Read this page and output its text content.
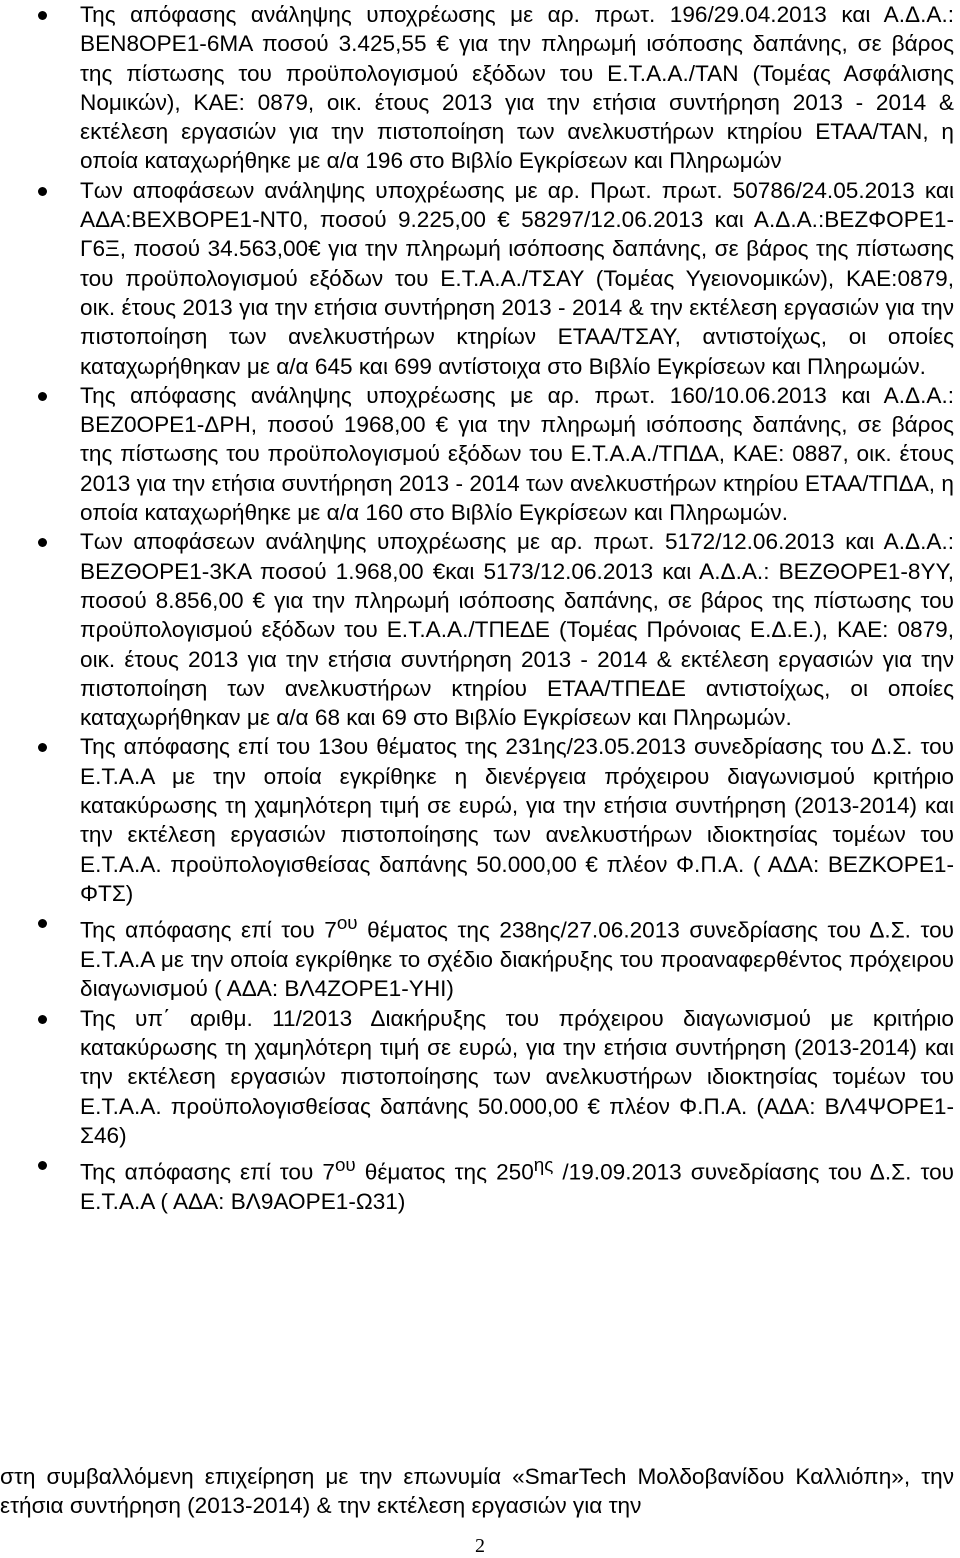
Της απόφασης ανάληψης υποχρέωσης με αρ. πρωτ. 196/29.04.2013 και Α.Δ.Α.: ΒΕΝ8ΟΡΕ1-6ΜΑ ποσού 3.425,55 € για την πληρωμή ισόποσης δαπάνης, σε βάρος της πίστωσης του προϋπολογισμού εξόδων του Ε.Τ.Α.Α./ΤΑΝ (Τομέας Ασφάλισης Νομικών), ΚΑΕ: 0879, οικ. έτους 2013 για την ετήσια συντήρηση 2013 - 2014 & εκτέλεση εργασιών για την πιστοποίηση των ανελκυστήρων κτηρίου ΕΤΑΑ/ΤΑΝ, η οποία καταχωρήθηκε με α/α 196 στο Βιβλίο Εγκρίσεων και Πληρωμών
Των αποφάσεων ανάληψης υποχρέωσης με αρ. Πρωτ. πρωτ. 50786/24.05.2013 και ΑΔΑ:ΒΕΧΒΟΡΕ1-ΝΤ0, ποσού 9.225,00 € 58297/12.06.2013 και Α.Δ.Α.:ΒΕΖΦΟΡΕ1-Γ6Ξ, ποσού 34.563,00€ για την πληρωμή ισόποσης δαπάνης, σε βάρος της πίστωσης του προϋπολογισμού εξόδων του Ε.Τ.Α.Α./ΤΣΑΥ (Τομέας Υγειονομικών), ΚΑΕ:0879, οικ. έτους 2013 για την ετήσια συντήρηση 2013 - 2014 & την εκτέλεση εργασιών για την πιστοποίηση των ανελκυστήρων κτηρίων ΕΤΑΑ/ΤΣΑΥ, αντιστοίχως, οι οποίες καταχωρήθηκαν με α/α 645 και 699 αντίστοιχα στο Βιβλίο Εγκρίσεων και Πληρωμών.
Της απόφασης ανάληψης υποχρέωσης με αρ. πρωτ. 160/10.06.2013 και Α.Δ.Α.: ΒΕΖ0ΟΡΕ1-ΔΡΗ, ποσού 1968,00 € για την πληρωμή ισόποσης δαπάνης, σε βάρος της πίστωσης του προϋπολογισμού εξόδων του Ε.Τ.Α.Α./ΤΠΔΑ, ΚΑΕ: 0887, οικ. έτους 2013 για την ετήσια συντήρηση 2013 - 2014 των ανελκυστήρων κτηρίου ΕΤΑΑ/ΤΠΔΑ, η οποία καταχωρήθηκε με α/α 160 στο Βιβλίο Εγκρίσεων και Πληρωμών.
Των αποφάσεων ανάληψης υποχρέωσης με αρ. πρωτ. 5172/12.06.2013 και Α.Δ.Α.: ΒΕΖΘΟΡΕ1-3ΚΑ ποσού 1.968,00 €και 5173/12.06.2013 και Α.Δ.Α.: ΒΕΖΘΟΡΕ1-8ΥΥ, ποσού 8.856,00 € για την πληρωμή ισόποσης δαπάνης, σε βάρος της πίστωσης του προϋπολογισμού εξόδων του Ε.Τ.Α.Α./ΤΠΕΔΕ (Τομέας Πρόνοιας Ε.Δ.Ε.), ΚΑΕ: 0879, οικ. έτους 2013 για την ετήσια συντήρηση 2013 - 2014 & εκτέλεση εργασιών για την πιστοποίηση των ανελκυστήρων κτηρίου ΕΤΑΑ/ΤΠΕΔΕ αντιστοίχως, οι οποίες καταχωρήθηκαν με α/α 68 και 69 στο Βιβλίο Εγκρίσεων και Πληρωμών.
Της απόφασης επί του 13ου θέματος της 231ης/23.05.2013 συνεδρίασης του Δ.Σ. του Ε.Τ.Α.Α με την οποία εγκρίθηκε η διενέργεια πρόχειρου διαγωνισμού κριτήριο κατακύρωσης τη χαμηλότερη τιμή σε ευρώ, για την ετήσια συντήρηση (2013-2014) και την εκτέλεση εργασιών πιστοποίησης των ανελκυστήρων ιδιοκτησίας τομέων του Ε.Τ.Α.Α. προϋπολογισθείσας δαπάνης 50.000,00 € πλέον Φ.Π.Α. ( ΑΔΑ: ΒΕΖΚΟΡΕ1-ΦΤΣ)
Της απόφασης επί του $7^{o\upsilon}$ θέματος της 238ης/27.06.2013 συνεδρίασης του Δ.Σ. του Ε.Τ.Α.Α με την οποία εγκρίθηκε το σχέδιο διακήρυξης του προαναφερθέντος πρόχειρου διαγωνισμού ( ΑΔΑ: ΒΛ4ΖΟΡΕ1-ΥΗΙ)
Της υπ΄ αριθμ. 11/2013 Διακήρυξης του πρόχειρου διαγωνισμού με κριτήριο κατακύρωσης τη χαμηλότερη τιμή σε ευρώ, για την ετήσια συντήρηση (2013-2014) και την εκτέλεση εργασιών πιστοποίησης των ανελκυστήρων ιδιοκτησίας τομέων του Ε.Τ.Α.Α. προϋπολογισθείσας δαπάνης 50.000,00 € πλέον Φ.Π.Α. (ΑΔΑ: ΒΛ4ΨΟΡΕ1-Σ46)
Της απόφασης επί του $7^{o\upsilon}$ θέματος της $250^{\eta\varsigma}$ /19.09.2013 συνεδρίασης του Δ.Σ. του Ε.Τ.Α.Α ( ΑΔΑ: ΒΛ9ΑΟΡΕ1-Ω31)
στη συμβαλλόμενη επιχείρηση με την επωνυμία «SmarTech Μολδοβανίδου Καλλιόπη», την ετήσια συντήρηση (2013-2014) & την εκτέλεση εργασιών για την
2
